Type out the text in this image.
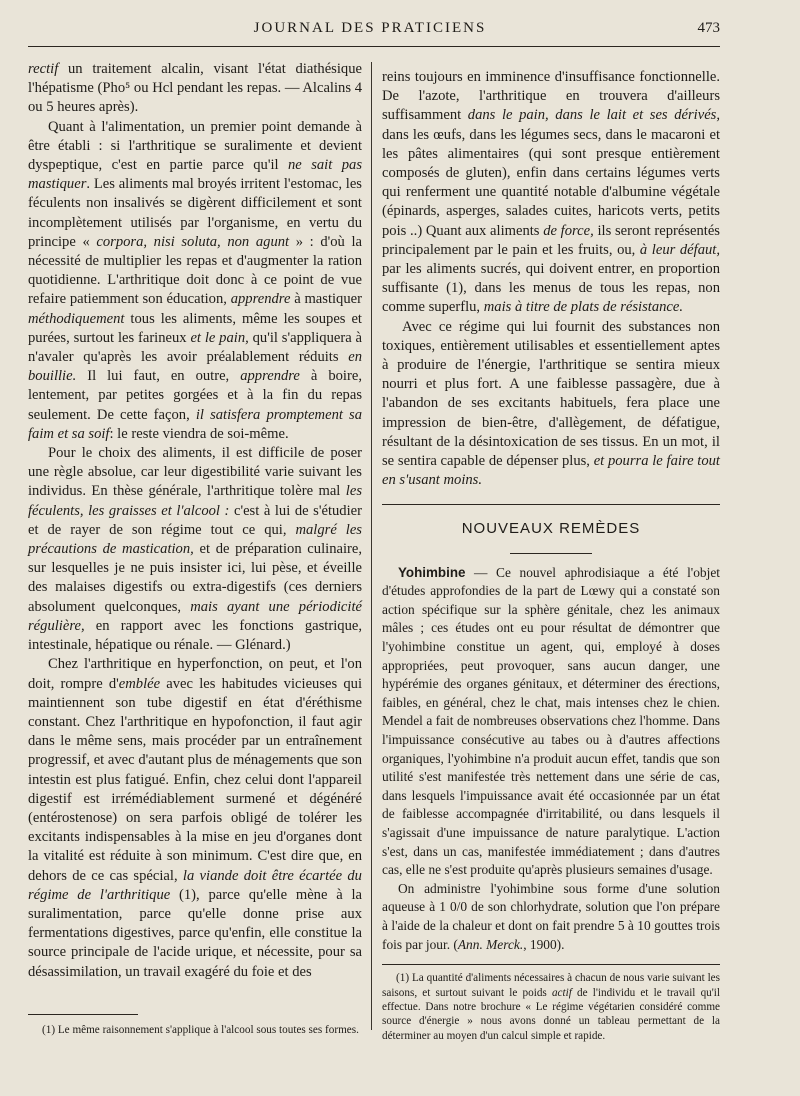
JOURNAL DES PRATICIENS	473

rectif un traitement alcalin, visant l'état diathésique l'hépatisme (Pho⁵ ou Hcl pendant les repas. — Alcalins 4 ou 5 heures après).

Quant à l'alimentation, un premier point demande à être établi : si l'arthritique se suralimente et devient dyspeptique, c'est en partie parce qu'il ne sait pas mastiquer. Les aliments mal broyés irritent l'estomac, les féculents non insalivés se digèrent difficilement et sont incomplètement utilisés par l'organisme, en vertu du principe « corpora, nisi soluta, non agunt » : d'où la nécessité de multiplier les repas et d'augmenter la ration quotidienne. L'arthritique doit donc à ce point de vue refaire patiemment son éducation, apprendre à mastiquer méthodiquement tous les aliments, même les soupes et purées, surtout les farineux et le pain, qu'il s'appliquera à n'avaler qu'après les avoir préalablement réduits en bouillie. Il lui faut, en outre, apprendre à boire, lentement, par petites gorgées et à la fin du repas seulement. De cette façon, il satisfera promptement sa faim et sa soif: le reste viendra de soi-même.

Pour le choix des aliments, il est difficile de poser une règle absolue, car leur digestibilité varie suivant les individus. En thèse générale, l'arthritique tolère mal les féculents, les graisses et l'alcool : c'est à lui de s'étudier et de rayer de son régime tout ce qui, malgré les précautions de mastication, et de préparation culinaire, sur lesquelles je ne puis insister ici, lui pèse, et éveille des malaises digestifs ou extra-digestifs (ces derniers absolument quelconques, mais ayant une périodicité régulière, en rapport avec les fonctions gastrique, intestinale, hépatique ou rénale. — Glénard.)

Chez l'arthritique en hyperfonction, on peut, et l'on doit, rompre d'emblée avec les habitudes vicieuses qui maintiennent son tube digestif en état d'éréthisme constant. Chez l'arthritique en hypofonction, il faut agir dans le même sens, mais procéder par un entraînement progressif, et avec d'autant plus de ménagements que son intestin est plus fatigué. Enfin, chez celui dont l'appareil digestif est irrémédiablement surmené et dégénéré (entérostenose) on sera parfois obligé de tolérer les excitants indispensables à la mise en jeu d'organes dont la vitalité est réduite à son minimum. C'est dire que, en dehors de ce cas spécial, la viande doit être écartée du régime de l'arthritique (1), parce qu'elle mène à la suralimentation, parce qu'elle donne prise aux fermentations digestives, parce qu'enfin, elle constitue la source principale de l'acide urique, et nécessite, pour sa désassimilation, un travail exagéré du foie et des

(1) Le même raisonnement s'applique à l'alcool sous toutes ses formes.

reins toujours en imminence d'insuffisance fonctionnelle. De l'azote, l'arthritique en trouvera d'ailleurs suffisamment dans le pain, dans le lait et ses dérivés, dans les œufs, dans les légumes secs, dans le macaroni et les pâtes alimentaires (qui sont presque entièrement composés de gluten), enfin dans certains légumes verts qui renferment une quantité notable d'albumine végétale (épinards, asperges, salades cuites, haricots verts, petits pois ..) Quant aux aliments de force, ils seront représentés principalement par le pain et les fruits, ou, à leur défaut, par les aliments sucrés, qui doivent entrer, en proportion suffisante (1), dans les menus de tous les repas, non comme superflu, mais à titre de plats de résistance.

Avec ce régime qui lui fournit des substances non toxiques, entièrement utilisables et essentiellement aptes à produire de l'énergie, l'arthritique se sentira mieux nourri et plus fort. A une faiblesse passagère, due à l'abandon de ses excitants habituels, fera place une impression de bien-être, d'allègement, de défatigue, résultant de la désintoxication de ses tissus. En un mot, il se sentira capable de dépenser plus, et pourra le faire tout en s'usant moins.

NOUVEAUX REMÈDES

Yohimbine — Ce nouvel aphrodisiaque a été l'objet d'études approfondies de la part de Lœwy qui a constaté son action spécifique sur la sphère génitale, chez les animaux mâles ; ces études ont eu pour résultat de démontrer que l'yohimbine constitue un agent, qui, employé à doses appropriées, peut provoquer, sans aucun danger, une hypérémie des organes génitaux, et déterminer des érections, faibles, en général, chez le chat, mais intenses chez le chien. Mendel a fait de nombreuses observations chez l'homme. Dans l'impuissance consécutive au tabes ou à d'autres affections organiques, l'yohimbine n'a produit aucun effet, tandis que son utilité s'est manifestée très nettement dans une série de cas, dans lesquels l'impuissance avait été occasionnée par un état de faiblesse accompagnée d'irritabilité, ou dans lesquels il s'agissait d'une impuissance de nature paralytique. L'action s'est, dans un cas, manifestée immédiatement ; dans d'autres cas, elle ne s'est produite qu'après plusieurs semaines d'usage.

On administre l'yohimbine sous forme d'une solution aqueuse à 1 0/0 de son chlorhydrate, solution que l'on prépare à l'aide de la chaleur et dont on fait prendre 5 à 10 gouttes trois fois par jour. (Ann. Merck., 1900).

(1) La quantité d'aliments nécessaires à chacun de nous varie suivant les saisons, et surtout suivant le poids actif de l'individu et le travail qu'il effectue. Dans notre brochure « Le régime végétarien considéré comme source d'énergie » nous avons donné un tableau permettant de la déterminer au moyen d'un calcul simple et rapide.
